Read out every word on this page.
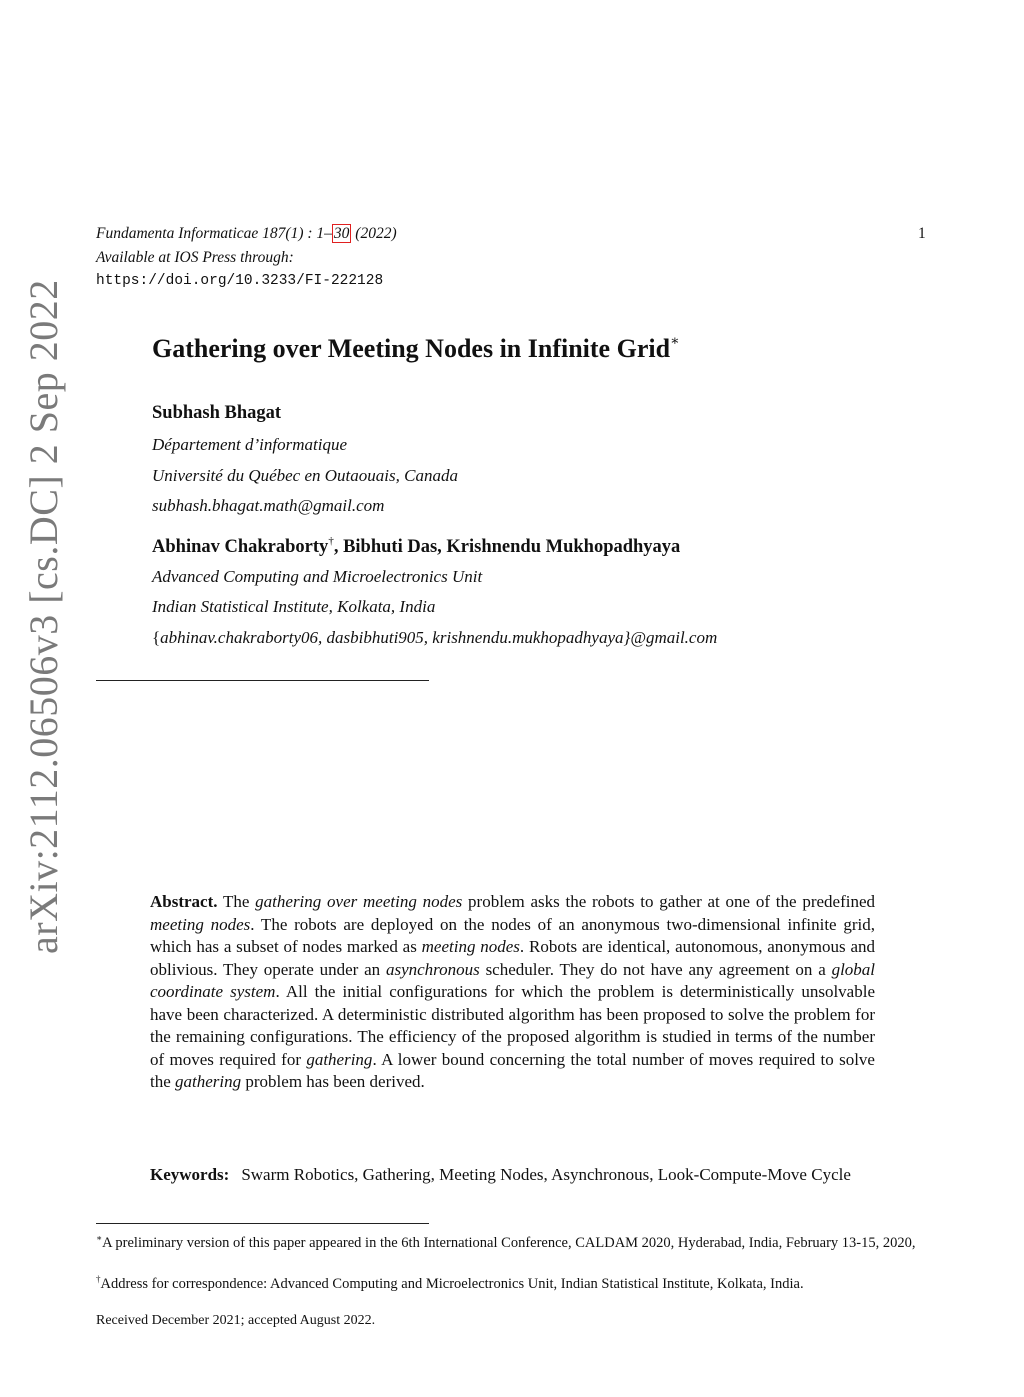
Fundamenta Informaticae 187(1) : 1– 30 (2022)	1
Available at IOS Press through:
https://doi.org/10.3233/FI-222128
arXiv:2112.06506v3 [cs.DC] 2 Sep 2022	Gathering over Meeting Nodes in Infinite Grid∗
Subhash Bhagat
Département d’informatique
Université du Québec en Outaouais, Canada
subhash.bhagat.math@gmail.com
Abhinav Chakraborty†, Bibhuti Das, Krishnendu Mukhopadhyaya
Advanced Computing and Microelectronics Unit
Indian Statistical Institute, Kolkata, India
{abhinav.chakraborty06, dasbibhuti905, krishnendu.mukhopadhyaya}@gmail.com
Abstract. The gathering over meeting nodes problem asks the robots to gather at one of the predefined meeting nodes. The robots are deployed on the nodes of an anonymous two-dimensional infinite grid, which has a subset of nodes marked as meeting nodes. Robots are identical, autonomous, anonymous and oblivious. They operate under an asynchronous scheduler. They do not have any agreement on a global coordinate system. All the initial configurations for which the problem is deterministically unsolvable have been characterized. A deterministic distributed algorithm has been proposed to solve the problem for the remaining configurations. The efficiency of the proposed algorithm is studied in terms of the number of moves required for gathering. A lower bound concerning the total number of moves required to solve the gathering problem has been derived.
Keywords: Swarm Robotics, Gathering, Meeting Nodes, Asynchronous, Look-Compute-Move Cycle
∗A preliminary version of this paper appeared in the 6th International Conference, CALDAM 2020, Hyderabad, India, February 13-15, 2020,
†Address for correspondence: Advanced Computing and Microelectronics Unit, Indian Statistical Institute, Kolkata, India.
Received December 2021; accepted August 2022.
